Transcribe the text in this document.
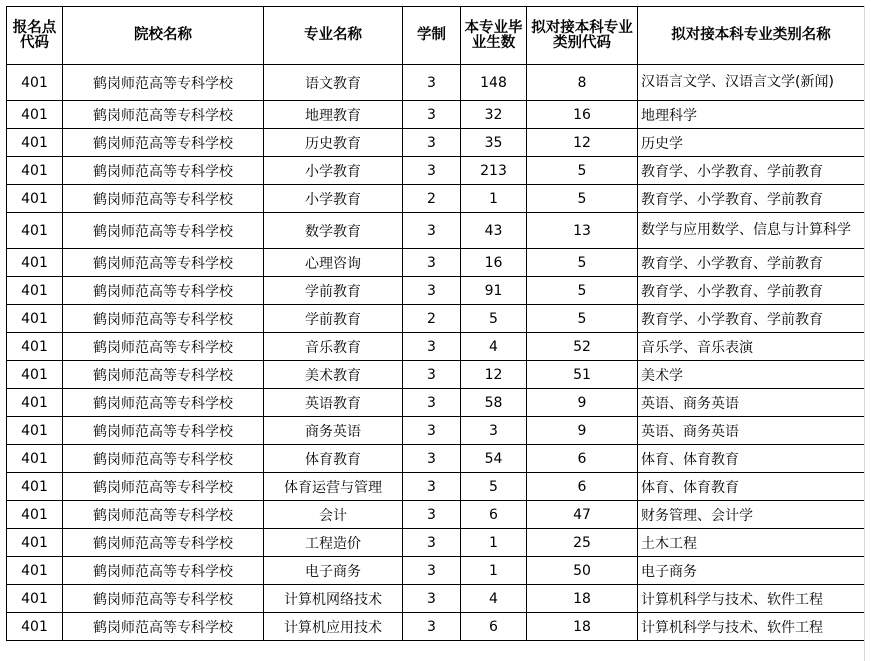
报名点代码	院校名称	专业名称	学制	本专业毕业生数	拟对接本科专业类别代码	拟对接本科专业类别名称
401	鹤岗师范高等专科学校	语文教育	3	148	8	汉语言文学、汉语言文学(新闻)
401	鹤岗师范高等专科学校	地理教育	3	32	16	地理科学
401	鹤岗师范高等专科学校	历史教育	3	35	12	历史学
401	鹤岗师范高等专科学校	小学教育	3	213	5	教育学、小学教育、学前教育
401	鹤岗师范高等专科学校	小学教育	2	1	5	教育学、小学教育、学前教育
401	鹤岗师范高等专科学校	数学教育	3	43	13	数学与应用数学、信息与计算科学
401	鹤岗师范高等专科学校	心理咨询	3	16	5	教育学、小学教育、学前教育
401	鹤岗师范高等专科学校	学前教育	3	91	5	教育学、小学教育、学前教育
401	鹤岗师范高等专科学校	学前教育	2	5	5	教育学、小学教育、学前教育
401	鹤岗师范高等专科学校	音乐教育	3	4	52	音乐学、音乐表演
401	鹤岗师范高等专科学校	美术教育	3	12	51	美术学
401	鹤岗师范高等专科学校	英语教育	3	58	9	英语、商务英语
401	鹤岗师范高等专科学校	商务英语	3	3	9	英语、商务英语
401	鹤岗师范高等专科学校	体育教育	3	54	6	体育、体育教育
401	鹤岗师范高等专科学校	体育运营与管理	3	5	6	体育、体育教育
401	鹤岗师范高等专科学校	会计	3	6	47	财务管理、会计学
401	鹤岗师范高等专科学校	工程造价	3	1	25	土木工程
401	鹤岗师范高等专科学校	电子商务	3	1	50	电子商务
401	鹤岗师范高等专科学校	计算机网络技术	3	4	18	计算机科学与技术、软件工程
401	鹤岗师范高等专科学校	计算机应用技术	3	6	18	计算机科学与技术、软件工程
